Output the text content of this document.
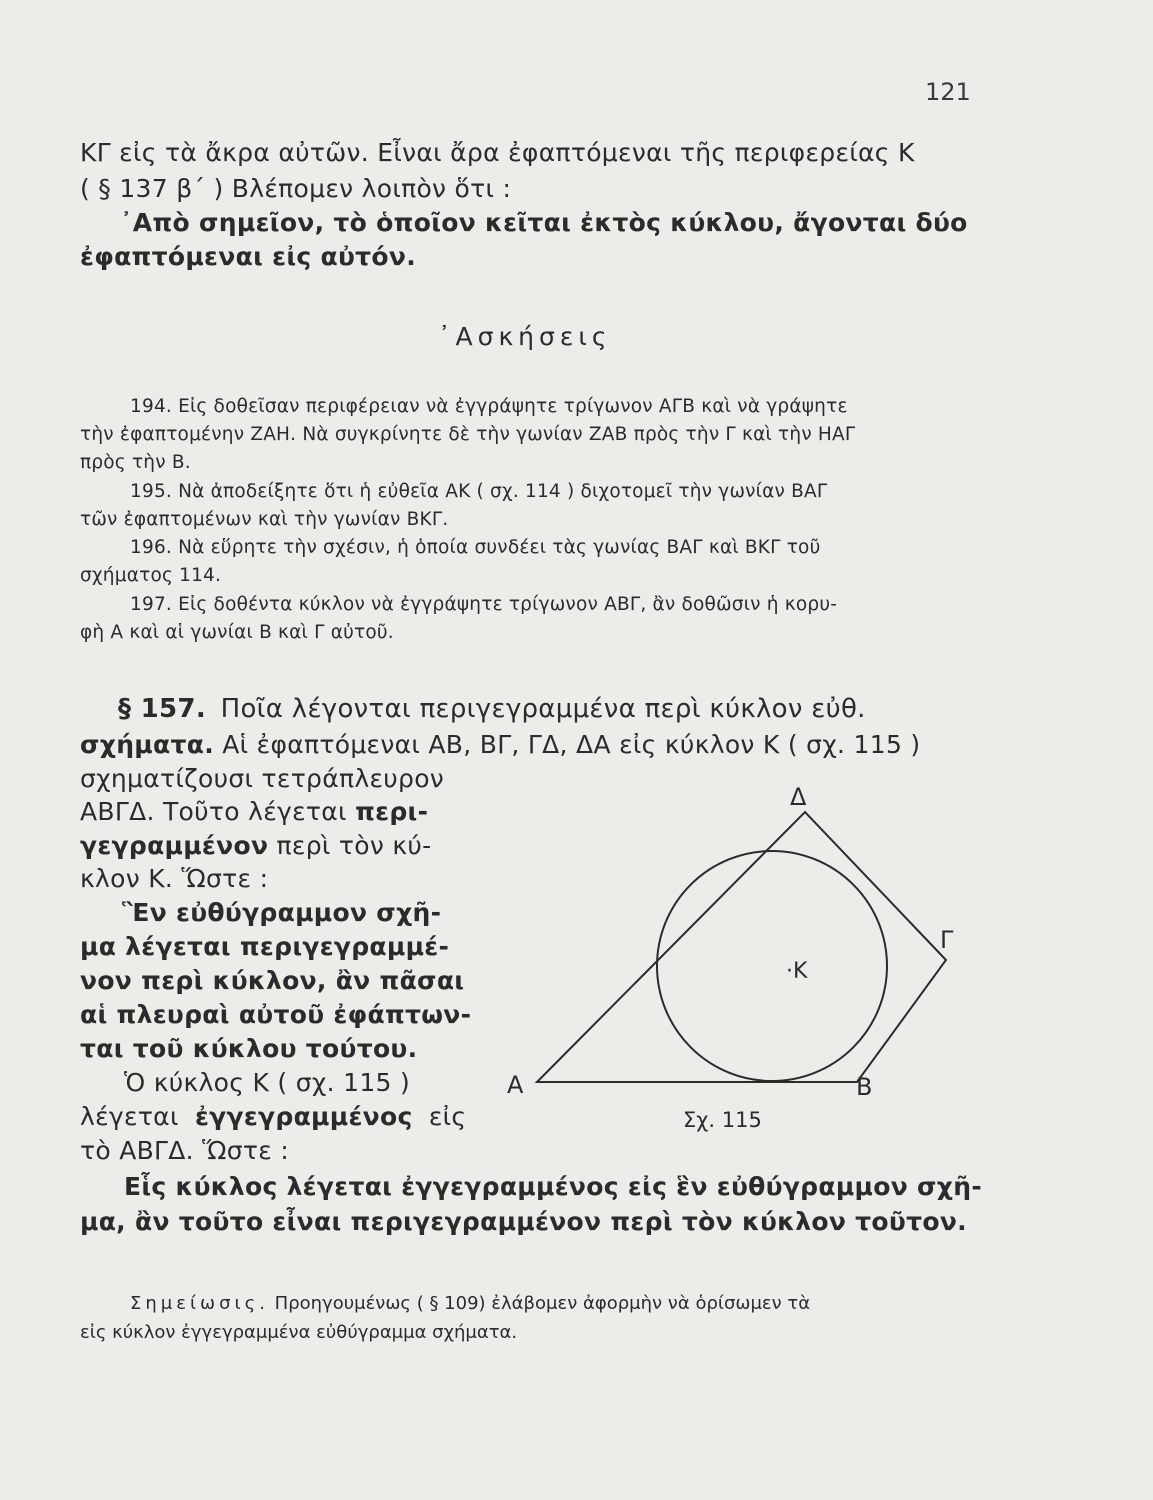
121
ΚΓ εἰς τὰ ἄκρα αὐτῶν. Εἶναι ἄρα ἐφαπτόμεναι τῆς περιφερείας Κ
( § 137 β΄ ) Βλέπομεν λοιπὸν ὅτι :
᾿Απὸ σημεῖον, τὸ ὁποῖον κεῖται ἐκτὸς κύκλου, ἄγονται δύο
ἐφαπτόμεναι εἰς αὐτόν.
᾿Ασκήσεις
194. Εἰς δοθεῖσαν περιφέρειαν νὰ ἐγγράψητε τρίγωνον ΑΓΒ καὶ νὰ γράψητε
τὴν ἐφαπτομένην ΖΑΗ. Νὰ συγκρίνητε δὲ τὴν γωνίαν ΖΑΒ πρὸς τὴν Γ καὶ τὴν ΗΑΓ
πρὸς τὴν Β.
195. Νὰ ἀποδείξητε ὅτι ἡ εὐθεῖα ΑΚ ( σχ. 114 ) διχοτομεῖ τὴν γωνίαν ΒΑΓ
τῶν ἐφαπτομένων καὶ τὴν γωνίαν ΒΚΓ.
196. Νὰ εὕρητε τὴν σχέσιν, ἡ ὁποία συνδέει τὰς γωνίας ΒΑΓ καὶ ΒΚΓ τοῦ
σχήματος 114.
197. Εἰς δοθέντα κύκλον νὰ ἐγγράψητε τρίγωνον ΑΒΓ, ἂν δοθῶσιν ἡ κορυ-
φὴ Α καὶ αἱ γωνίαι Β καὶ Γ αὐτοῦ.
§ 157. Ποῖα λέγονται περιγεγραμμένα περὶ κύκλον εὐθ.
σχήματα. Αἱ ἐφαπτόμεναι ΑΒ, ΒΓ, ΓΔ, ΔΑ εἰς κύκλον Κ ( σχ. 115 )
σχηματίζουσι τετράπλευρον
ΑΒΓΔ. Τοῦτο λέγεται περι-
γεγραμμένον περὶ τὸν κύ-
κλον Κ. Ὥστε :
Ἓν εὐθύγραμμον σχῆ-
μα λέγεται περιγεγραμμέ-
νον περὶ κύκλον, ἂν πᾶσαι
αἱ πλευραὶ αὐτοῦ ἐφάπτων-
ται τοῦ κύκλου τούτου.
Ὁ κύκλος Κ ( σχ. 115 )
λέγεται ἐγγεγραμμένος εἰς
τὸ ΑΒΓΔ. Ὥστε :
Εἷς κύκλος λέγεται ἐγγεγραμμένος εἰς ἓν εὐθύγραμμον σχῆ-
μα, ἂν τοῦτο εἶναι περιγεγραμμένον περὶ τὸν κύκλον τοῦτον.
Σημείωσις. Προηγουμένως ( § 109) ἐλάβομεν ἀφορμὴν νὰ ὁρίσωμεν τὰ
εἰς κύκλον ἐγγεγραμμένα εὐθύγραμμα σχήματα.
Α	Β
Γ
Δ
·Κ
Σχ. 115
